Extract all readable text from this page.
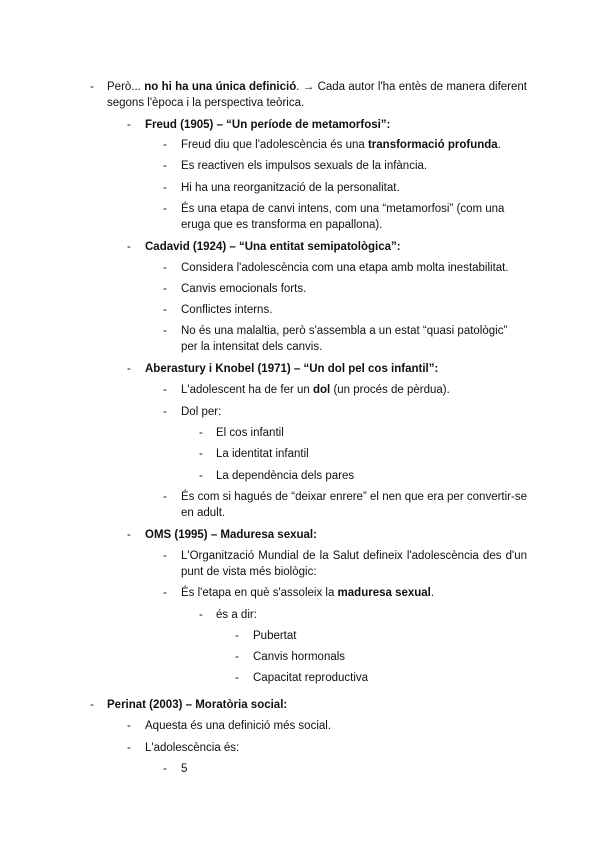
- Però... no hi ha una única definició. → Cada autor l'ha entès de manera diferent segons l'època i la perspectiva teòrica.
- Freud (1905) – “Un període de metamorfosi”:
- Freud diu que l'adolescència és una transformació profunda.
- Es reactiven els impulsos sexuals de la infància.
- Hi ha una reorganització de la personalitat.
- És una etapa de canvi intens, com una “metamorfosi” (com una eruga que es transforma en papallona).
- Cadavid (1924) – “Una entitat semipatològica”:
- Considera l'adolescència com una etapa amb molta inestabilitat.
- Canvis emocionals forts.
- Conflictes interns.
- No és una malaltia, però s'assembla a un estat “quasi patològic” per la intensitat dels canvis.
- Aberastury i Knobel (1971) – “Un dol pel cos infantil”:
- L'adolescent ha de fer un dol (un procés de pèrdua).
- Dol per:
- El cos infantil
- La identitat infantil
- La dependència dels pares
- És com si hagués de “deixar enrere” el nen que era per convertir-se en adult.
- OMS (1995) – Maduresa sexual:
- L'Organització Mundial de la Salut defineix l'adolescència des d'un punt de vista més biològic:
- És l'etapa en què s'assoleix la maduresa sexual.
- és a dir:
- Pubertat
- Canvis hormonals
- Capacitat reproductiva
- Perinat (2003) – Moratòria social:
- Aquesta és una definició més social.
- L'adolescència és:
- 5
